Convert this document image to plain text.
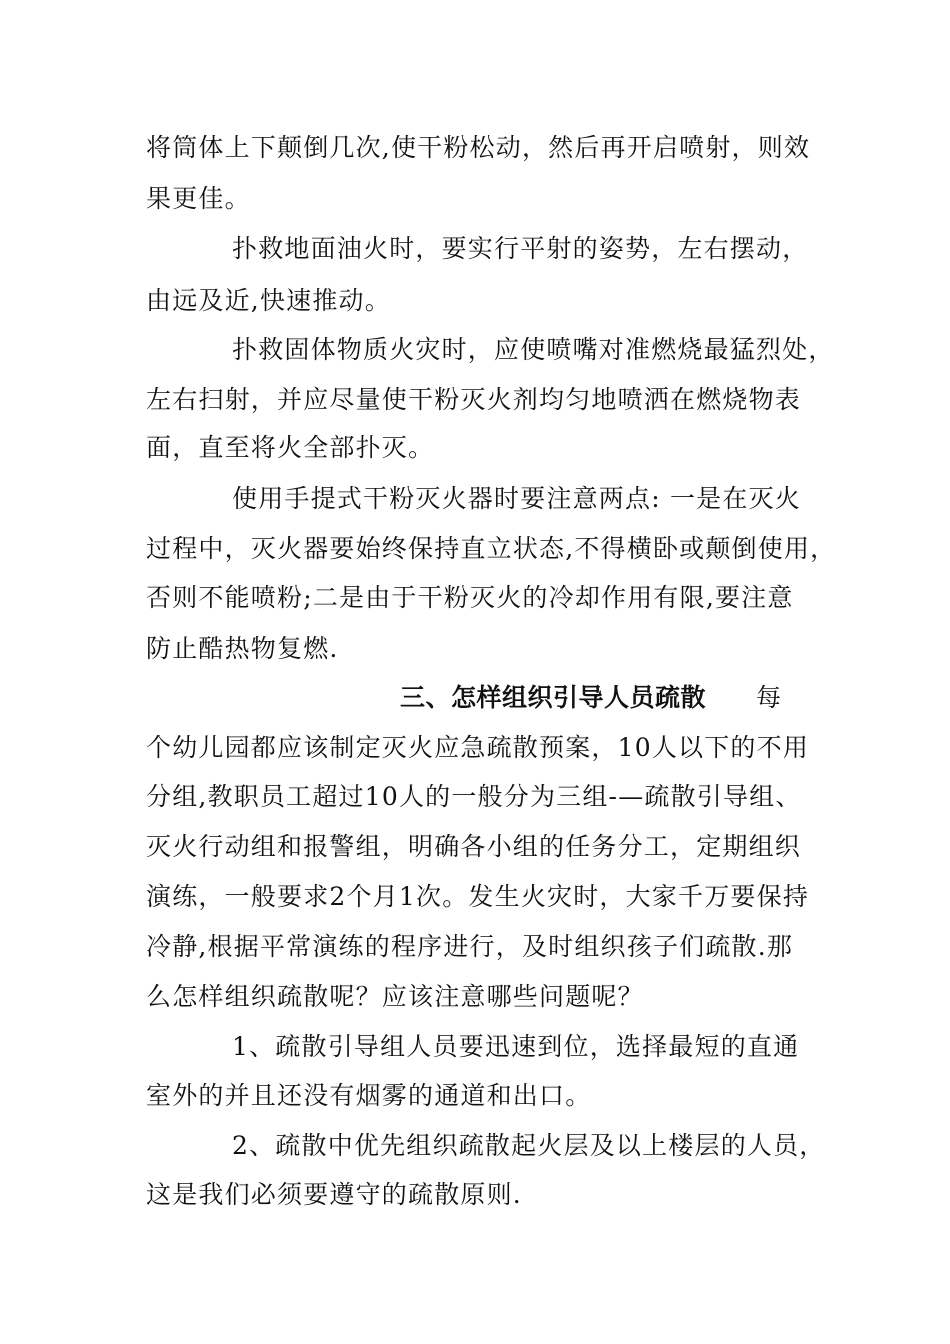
将筒体上下颠倒几次,使干粉松动，然后再开启喷射，则效
果更佳。
扑救地面油火时，要实行平射的姿势，左右摆动，
由远及近,快速推动。
扑救固体物质火灾时，应使喷嘴对准燃烧最猛烈处，
左右扫射，并应尽量使干粉灭火剂均匀地喷洒在燃烧物表
面，直至将火全部扑灭。
使用手提式干粉灭火器时要注意两点: 一是在灭火
过程中，灭火器要始终保持直立状态,不得横卧或颠倒使用，
否则不能喷粉;二是由于干粉灭火的冷却作用有限,要注意
防止酷热物复燃.
三、怎样组织引导人员疏散 每
个幼儿园都应该制定灭火应急疏散预案，10人以下的不用
分组,教职员工超过10人的一般分为三组-—疏散引导组、
灭火行动组和报警组，明确各小组的任务分工，定期组织
演练，一般要求2个月1次。发生火灾时，大家千万要保持
冷静,根据平常演练的程序进行，及时组织孩子们疏散.那
么怎样组织疏散呢？应该注意哪些问题呢？
1、疏散引导组人员要迅速到位，选择最短的直通
室外的并且还没有烟雾的通道和出口。
2、疏散中优先组织疏散起火层及以上楼层的人员，
这是我们必须要遵守的疏散原则.
